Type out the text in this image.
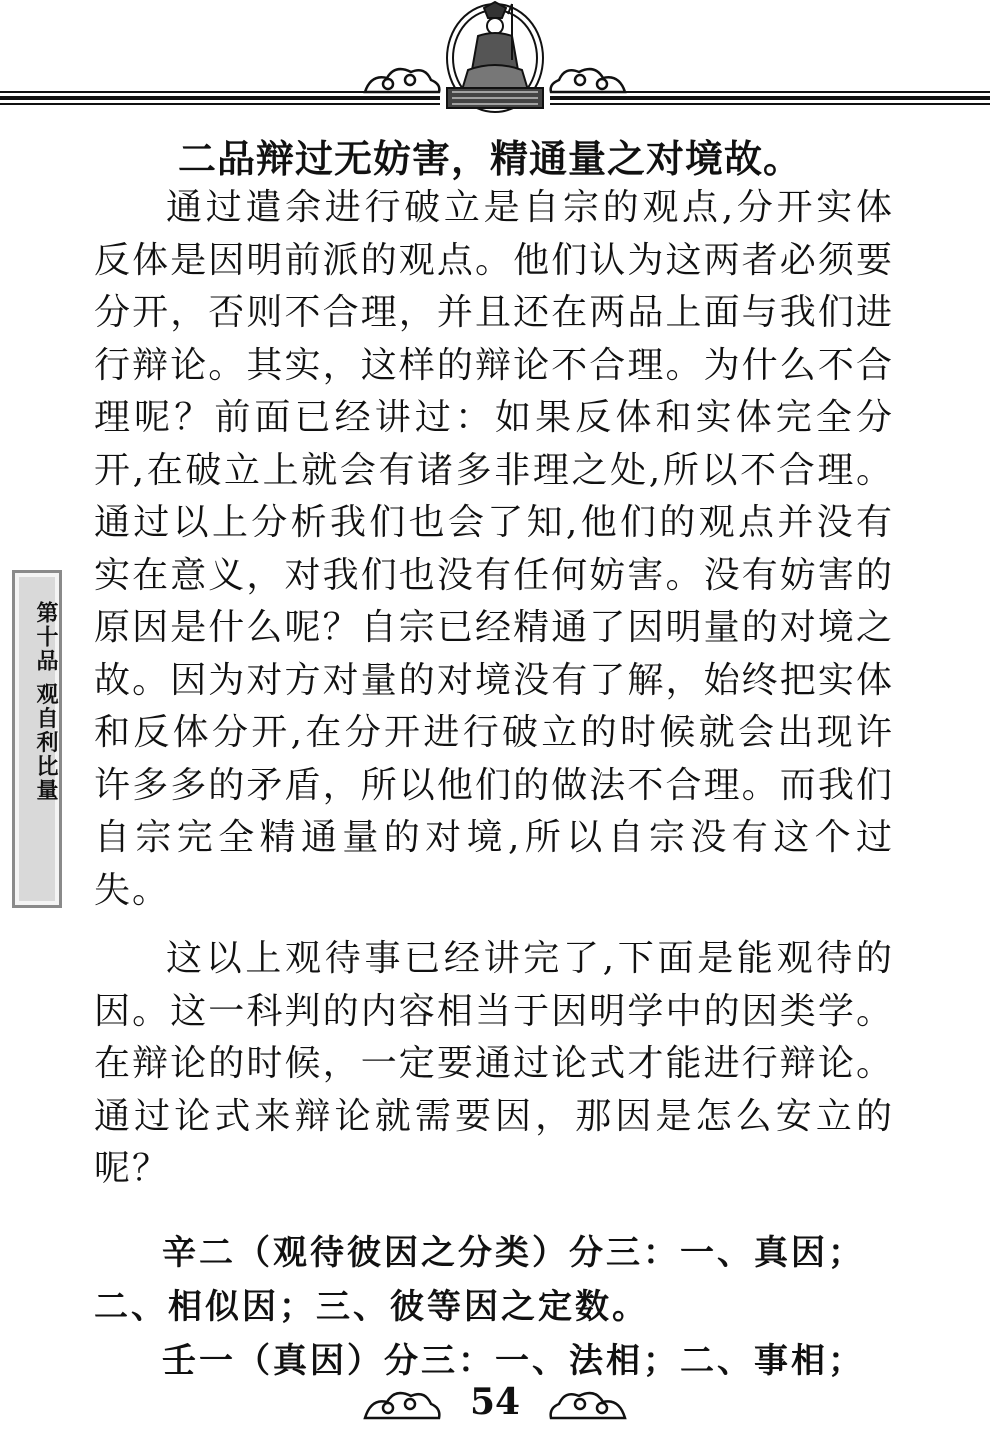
二品辩过无妨害，精通量之对境故。

通过遣余进行破立是自宗的观点,分开实体反体是因明前派的观点。他们认为这两者必须要分开，否则不合理，并且还在两品上面与我们进行辩论。其实，这样的辩论不合理。为什么不合理呢？前面已经讲过：如果反体和实体完全分开,在破立上就会有诸多非理之处,所以不合理。通过以上分析我们也会了知,他们的观点并没有实在意义，对我们也没有任何妨害。没有妨害的原因是什么呢？自宗已经精通了因明量的对境之故。因为对方对量的对境没有了解，始终把实体和反体分开,在分开进行破立的时候就会出现许许多多的矛盾，所以他们的做法不合理。而我们自宗完全精通量的对境,所以自宗没有这个过失。

这以上观待事已经讲完了,下面是能观待的因。这一科判的内容相当于因明学中的因类学。在辩论的时候，一定要通过论式才能进行辩论。通过论式来辩论就需要因，那因是怎么安立的呢？

辛二（观待彼因之分类）分三：一、真因；二、相似因；三、彼等因之定数。

壬一（真因）分三：一、法相；二、事相；

第十品 观自利比量
54
